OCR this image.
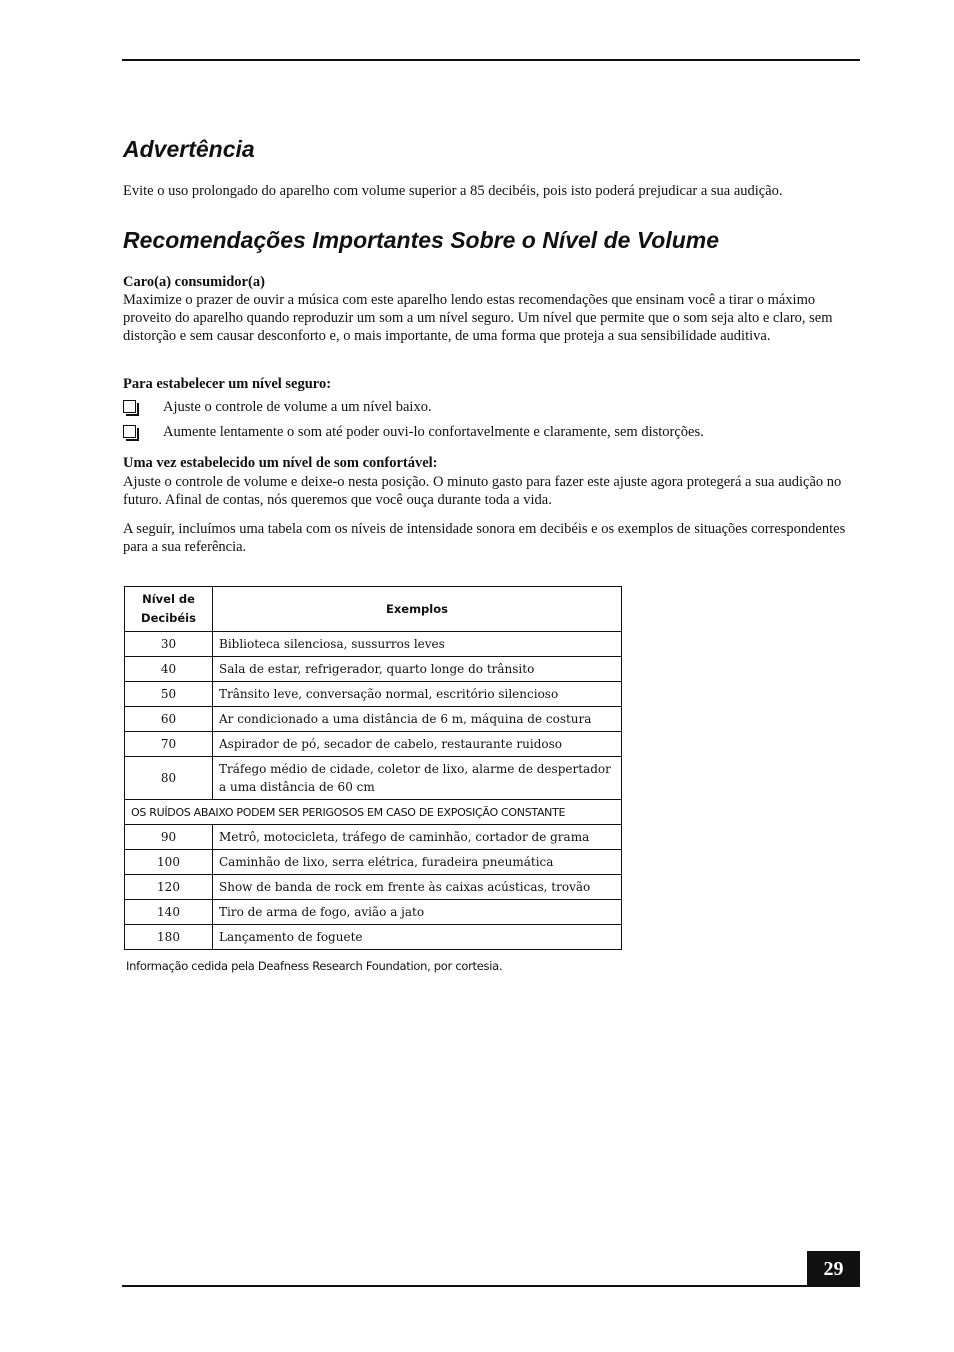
Advertência

Evite o uso prolongado do aparelho com volume superior a 85 decibéis, pois isto poderá prejudicar a sua audição.

Recomendações Importantes Sobre o Nível de Volume

Caro(a) consumidor(a)

Maximize o prazer de ouvir a música com este aparelho lendo estas recomendações que ensinam você a tirar o máximo proveito do aparelho quando reproduzir um som a um nível seguro. Um nível que permite que o som seja alto e claro, sem distorção e sem causar desconforto e, o mais importante, de uma forma que proteja a sua sensibilidade auditiva.

Para estabelecer um nível seguro:

Ajuste o controle de volume a um nível baixo.
Aumente lentamente o som até poder ouvi-lo confortavelmente e claramente, sem distorções.

Uma vez estabelecido um nível de som confortável:

Ajuste o controle de volume e deixe-o nesta posição. O minuto gasto para fazer este ajuste agora protegerá a sua audição no futuro. Afinal de contas, nós queremos que você ouça durante toda a vida.

A seguir, incluímos uma tabela com os níveis de intensidade sonora em decibéis e os exemplos de situações correspondentes para a sua referência.

Nível de
Decibéis	Exemplos
30	Biblioteca silenciosa, sussurros leves
40	Sala de estar, refrigerador, quarto longe do trânsito
50	Trânsito leve, conversação normal, escritório silencioso
60	Ar condicionado a uma distância de 6 m, máquina de costura
70	Aspirador de pó, secador de cabelo, restaurante ruidoso
80	Tráfego médio de cidade, coletor de lixo, alarme de despertador a uma distância de 60 cm
OS RUÍDOS ABAIXO PODEM SER PERIGOSOS EM CASO DE EXPOSIÇÃO CONSTANTE	
90	Metrô, motocicleta, tráfego de caminhão, cortador de grama
100	Caminhão de lixo, serra elétrica, furadeira pneumática
120	Show de banda de rock em frente às caixas acústicas, trovão
140	Tiro de arma de fogo, avião a jato
180	Lançamento de foguete
Informação cedida pela Deafness Research Foundation, por cortesia.
29
